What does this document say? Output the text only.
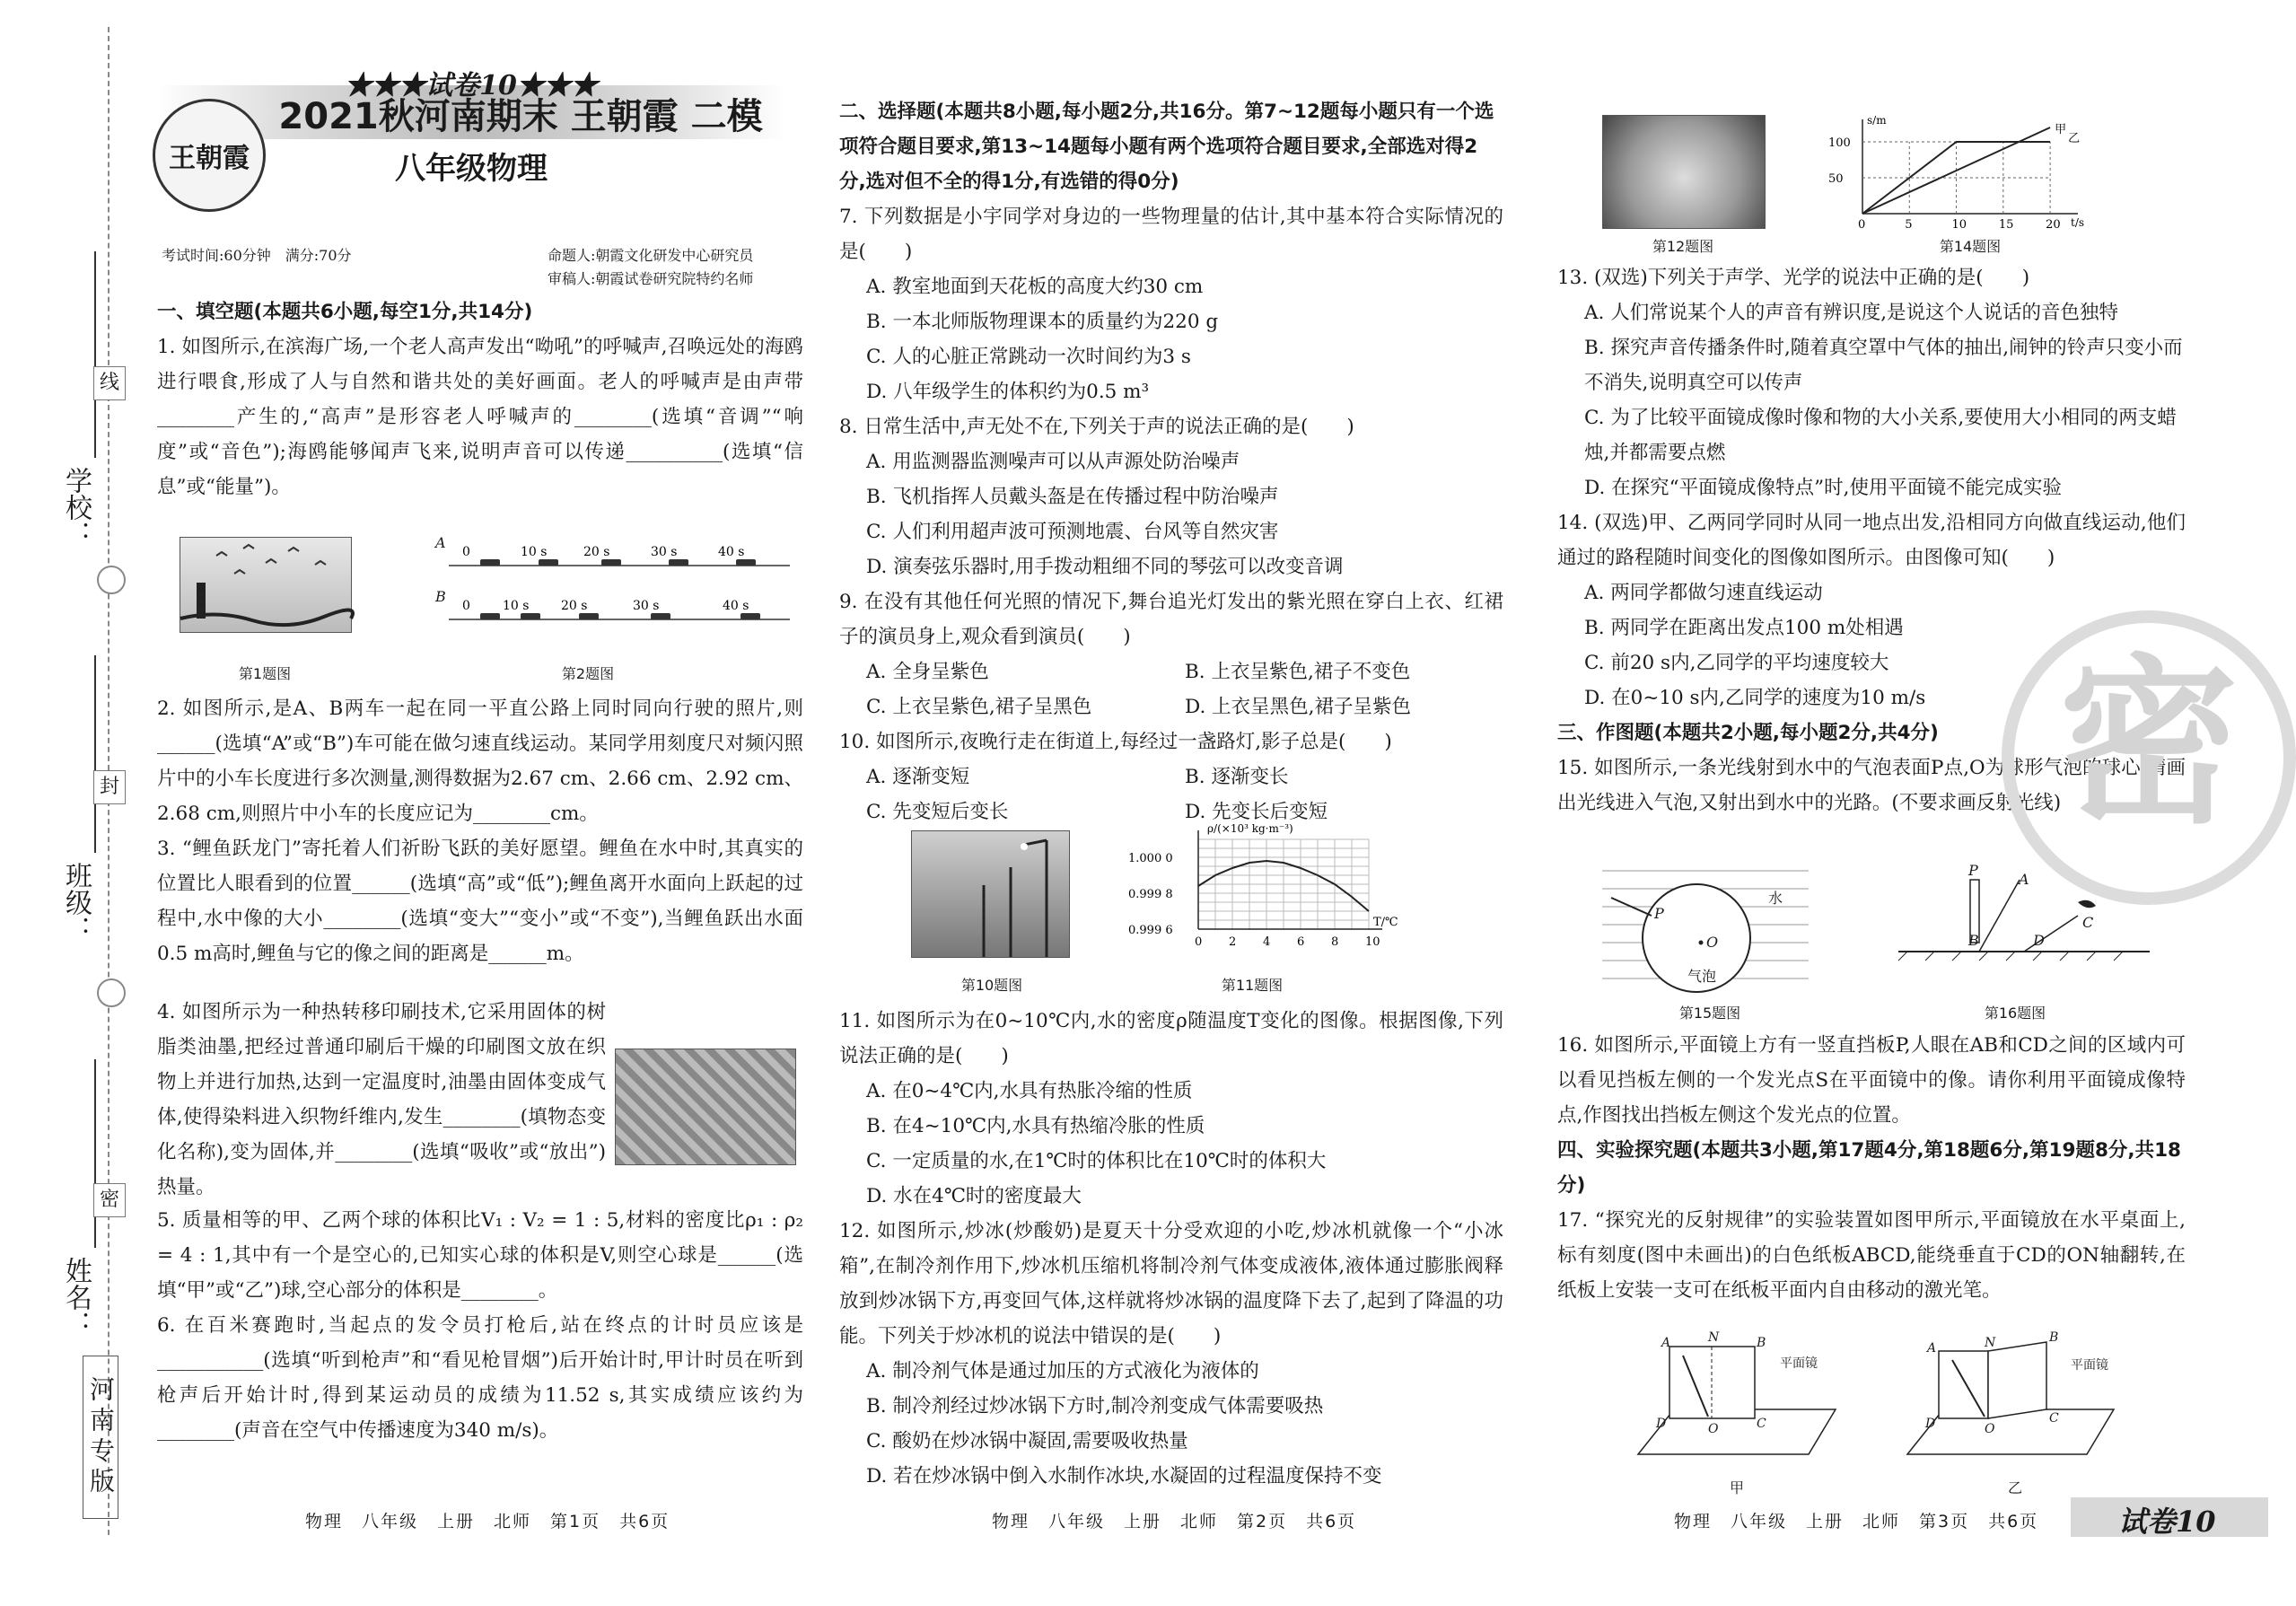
学校：
班级：
姓名：
线
封
密
河南专版
王朝霞
★★★试卷10★★★
2021秋河南期末 王朝霞 二模
八年级物理
考试时间:60分钟　满分:70分	命题人:朝霞文化研发中心研究员
审稿人:朝霞试卷研究院特约名师

一、填空题(本题共6小题,每空1分,共14分)

1. 如图所示,在滨海广场,一个老人高声发出“呦吼”的呼喊声,召唤远处的海鸥进行喂食,形成了人与自然和谐共处的美好画面。老人的呼喊声是由声带________产生的,“高声”是形容老人呼喊声的________(选填“音调”“响度”或“音色”);海鸥能够闻声飞来,说明声音可以传递__________(选填“信息”或“能量”)。

第1题图
0	10 s	20 s	30 s	40 s
0	10 s	20 s	30 s	40 s
A
B
第2题图

2. 如图所示,是A、B两车一起在同一平直公路上同时同向行驶的照片,则______(选填“A”或“B”)车可能在做匀速直线运动。某同学用刻度尺对频闪照片中的小车长度进行多次测量,测得数据为2.67 cm、2.66 cm、2.92 cm、2.68 cm,则照片中小车的长度应记为________cm。

3. “鲤鱼跃龙门”寄托着人们祈盼飞跃的美好愿望。鲤鱼在水中时,其真实的位置比人眼看到的位置______(选填“高”或“低”);鲤鱼离开水面向上跃起的过程中,水中像的大小________(选填“变大”“变小”或“不变”),当鲤鱼跃出水面0.5 m高时,鲤鱼与它的像之间的距离是______m。

4. 如图所示为一种热转移印刷技术,它采用固体的树脂类油墨,把经过普通印刷后干燥的印刷图文放在织物上并进行加热,达到一定温度时,油墨由固体变成气体,使得染料进入织物纤维内,发生________(填物态变化名称),变为固体,并________(选填“吸收”或“放出”)热量。

5. 质量相等的甲、乙两个球的体积比V₁ : V₂ = 1 : 5,材料的密度比ρ₁ : ρ₂ = 4 : 1,其中有一个是空心的,已知实心球的体积是V,则空心球是______(选填“甲”或“乙”)球,空心部分的体积是________。

6. 在百米赛跑时,当起点的发令员打枪后,站在终点的计时员应该是___________(选填“听到枪声”和“看见枪冒烟”)后开始计时,甲计时员在听到枪声后开始计时,得到某运动员的成绩为11.52 s,其实成绩应该约为________(声音在空气中传播速度为340 m/s)。

物理　八年级　上册　北师　第1页　共6页

二、选择题(本题共8小题,每小题2分,共16分。第7~12题每小题只有一个选项符合题目要求,第13~14题每小题有两个选项符合题目要求,全部选对得2分,选对但不全的得1分,有选错的得0分)

7. 下列数据是小宇同学对身边的一些物理量的估计,其中基本符合实际情况的是(　　)

A. 教室地面到天花板的高度大约30 cm

B. 一本北师版物理课本的质量约为220 g

C. 人的心脏正常跳动一次时间约为3 s

D. 八年级学生的体积约为0.5 m³

8. 日常生活中,声无处不在,下列关于声的说法正确的是(　　)

A. 用监测器监测噪声可以从声源处防治噪声

B. 飞机指挥人员戴头盔是在传播过程中防治噪声

C. 人们利用超声波可预测地震、台风等自然灾害

D. 演奏弦乐器时,用手拨动粗细不同的琴弦可以改变音调

9. 在没有其他任何光照的情况下,舞台追光灯发出的紫光照在穿白上衣、红裙子的演员身上,观众看到演员(　　)

A. 全身呈紫色	B. 上衣呈紫色,裙子不变色
C. 上衣呈紫色,裙子呈黑色	D. 上衣呈黑色,裙子呈紫色

10. 如图所示,夜晚行走在街道上,每经过一盏路灯,影子总是(　　)

A. 逐渐变短	B. 逐渐变长
C. 先变短后变长	D. 先变长后变短
第10题图
1.000 0
0.999 8
0.999 6
0 2 4 6 8 10
ρ/(×10³ kg·m⁻³)
T/℃
第11题图

11. 如图所示为在0~10℃内,水的密度ρ随温度T变化的图像。根据图像,下列说法正确的是(　　)

A. 在0~4℃内,水具有热胀冷缩的性质

B. 在4~10℃内,水具有热缩冷胀的性质

C. 一定质量的水,在1℃时的体积比在10℃时的体积大

D. 水在4℃时的密度最大

12. 如图所示,炒冰(炒酸奶)是夏天十分受欢迎的小吃,炒冰机就像一个“小冰箱”,在制冷剂作用下,炒冰机压缩机将制冷剂气体变成液体,液体通过膨胀阀释放到炒冰锅下方,再变回气体,这样就将炒冰锅的温度降下去了,起到了降温的功能。下列关于炒冰机的说法中错误的是(　　)

A. 制冷剂气体是通过加压的方式液化为液体的

B. 制冷剂经过炒冰锅下方时,制冷剂变成气体需要吸热

C. 酸奶在炒冰锅中凝固,需要吸收热量

D. 若在炒冰锅中倒入水制作冰块,水凝固的过程温度保持不变

物理　八年级　上册　北师　第2页　共6页
第12题图
甲
乙
50
100
0	5	10	15	20
s/m
t/s
第14题图

13. (双选)下列关于声学、光学的说法中正确的是(　　)

A. 人们常说某个人的声音有辨识度,是说这个人说话的音色独特

B. 探究声音传播条件时,随着真空罩中气体的抽出,闹钟的铃声只变小而不消失,说明真空可以传声

C. 为了比较平面镜成像时像和物的大小关系,要使用大小相同的两支蜡烛,并都需要点燃

D. 在探究“平面镜成像特点”时,使用平面镜不能完成实验

14. (双选)甲、乙两同学同时从同一地点出发,沿相同方向做直线运动,他们通过的路程随时间变化的图像如图所示。由图像可知(　　)

A. 两同学都做匀速直线运动

B. 两同学在距离出发点100 m处相遇

C. 前20 s内,乙同学的平均速度较大

D. 在0~10 s内,乙同学的速度为10 m/s

三、作图题(本题共2小题,每小题2分,共4分)

15. 如图所示,一条光线射到水中的气泡表面P点,O为球形气泡的球心,请画出光线进入气泡,又射出到水中的光路。(不要求画反射光线)

水
气泡
P
O
第15题图
P
A
B
C
D
第16题图

16. 如图所示,平面镜上方有一竖直挡板P,人眼在AB和CD之间的区域内可以看见挡板左侧的一个发光点S在平面镜中的像。请你利用平面镜成像特点,作图找出挡板左侧这个发光点的位置。

四、实验探究题(本题共3小题,第17题4分,第18题6分,第19题8分,共18分)

17. “探究光的反射规律”的实验装置如图甲所示,平面镜放在水平桌面上,标有刻度(图中未画出)的白色纸板ABCD,能绕垂直于CD的ON轴翻转,在纸板上安装一支可在纸板平面内自由移动的激光笔。

A	N	B
D	O	C
平面镜
甲
A	N	B
D	O
C
平面镜
乙
物理　八年级　上册　北师　第3页　共6页
密
试卷10
